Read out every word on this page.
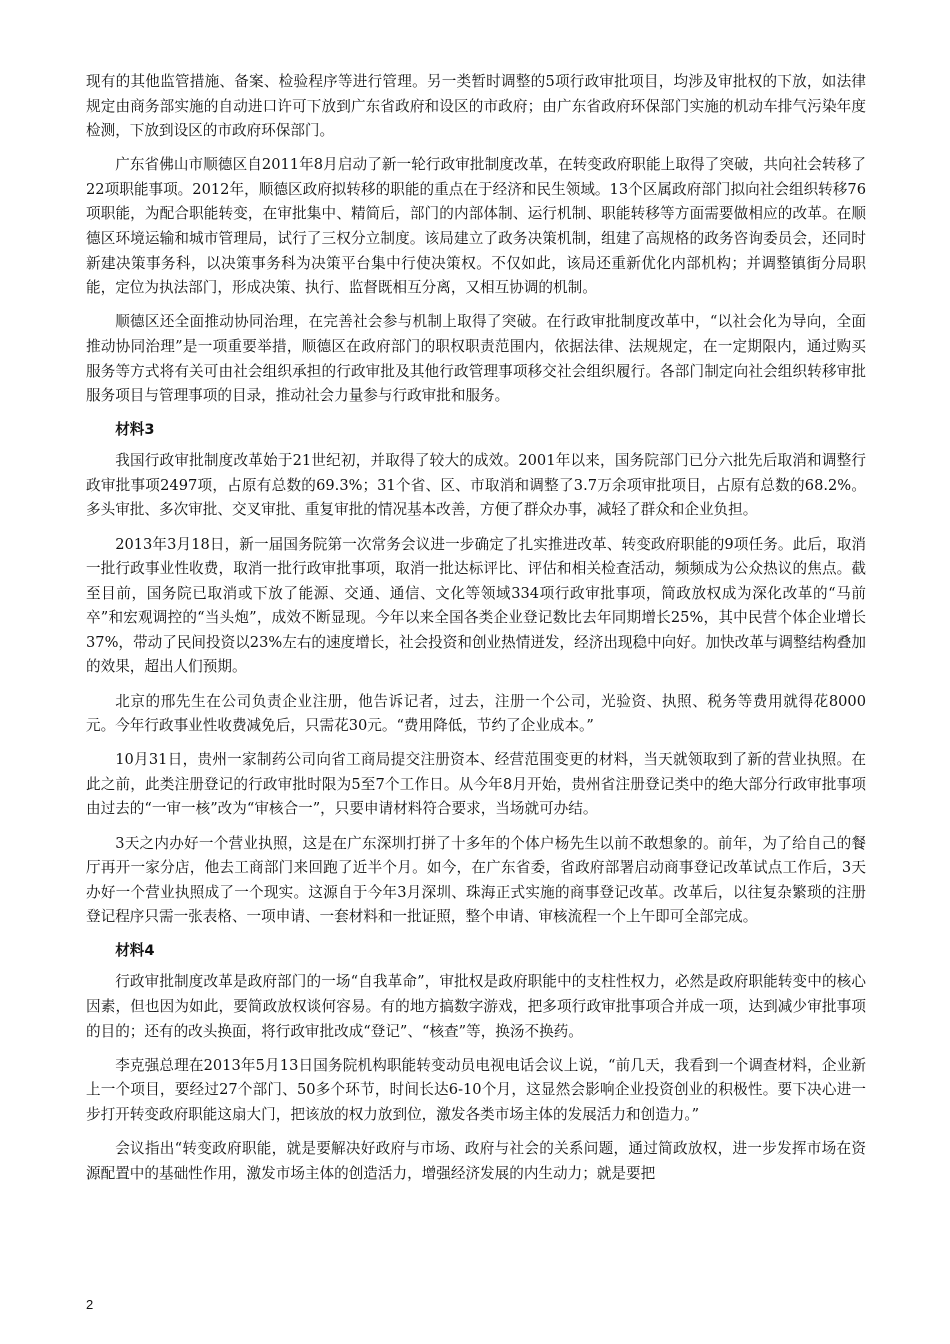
现有的其他监管措施、备案、检验程序等进行管理。另一类暂时调整的5项行政审批项目，均涉及审批权的下放，如法律规定由商务部实施的自动进口许可下放到广东省政府和设区的市政府；由广东省政府环保部门实施的机动车排气污染年度检测，下放到设区的市政府环保部门。

广东省佛山市顺德区自2011年8月启动了新一轮行政审批制度改革，在转变政府职能上取得了突破，共向社会转移了22项职能事项。2012年，顺德区政府拟转移的职能的重点在于经济和民生领域。13个区属政府部门拟向社会组织转移76项职能，为配合职能转变，在审批集中、精简后，部门的内部体制、运行机制、职能转移等方面需要做相应的改革。在顺德区环境运输和城市管理局，试行了三权分立制度。该局建立了政务决策机制，组建了高规格的政务咨询委员会，还同时新建决策事务科，以决策事务科为决策平台集中行使决策权。不仅如此，该局还重新优化内部机构；并调整镇街分局职能，定位为执法部门，形成决策、执行、监督既相互分离，又相互协调的机制。

顺德区还全面推动协同治理，在完善社会参与机制上取得了突破。在行政审批制度改革中，“以社会化为导向，全面推动协同治理”是一项重要举措，顺德区在政府部门的职权职责范围内，依据法律、法规规定，在一定期限内，通过购买服务等方式将有关可由社会组织承担的行政审批及其他行政管理事项移交社会组织履行。各部门制定向社会组织转移审批服务项目与管理事项的目录，推动社会力量参与行政审批和服务。

材料3

我国行政审批制度改革始于21世纪初，并取得了较大的成效。2001年以来，国务院部门已分六批先后取消和调整行政审批事项2497项，占原有总数的69.3%；31个省、区、市取消和调整了3.7万余项审批项目，占原有总数的68.2%。多头审批、多次审批、交叉审批、重复审批的情况基本改善，方便了群众办事，减轻了群众和企业负担。

2013年3月18日，新一届国务院第一次常务会议进一步确定了扎实推进改革、转变政府职能的9项任务。此后，取消一批行政事业性收费，取消一批行政审批事项，取消一批达标评比、评估和相关检查活动，频频成为公众热议的焦点。截至目前，国务院已取消或下放了能源、交通、通信、文化等领域334项行政审批事项，简政放权成为深化改革的“马前卒”和宏观调控的“当头炮”，成效不断显现。今年以来全国各类企业登记数比去年同期增长25%，其中民营个体企业增长37%，带动了民间投资以23%左右的速度增长，社会投资和创业热情迸发，经济出现稳中向好。加快改革与调整结构叠加的效果，超出人们预期。

北京的邢先生在公司负责企业注册，他告诉记者，过去，注册一个公司，光验资、执照、税务等费用就得花8000元。今年行政事业性收费减免后，只需花30元。“费用降低，节约了企业成本。”

10月31日，贵州一家制药公司向省工商局提交注册资本、经营范围变更的材料，当天就领取到了新的营业执照。在此之前，此类注册登记的行政审批时限为5至7个工作日。从今年8月开始，贵州省注册登记类中的绝大部分行政审批事项由过去的“一审一核”改为“审核合一”，只要申请材料符合要求，当场就可办结。

3天之内办好一个营业执照，这是在广东深圳打拼了十多年的个体户杨先生以前不敢想象的。前年，为了给自己的餐厅再开一家分店，他去工商部门来回跑了近半个月。如今，在广东省委，省政府部署启动商事登记改革试点工作后，3天办好一个营业执照成了一个现实。这源自于今年3月深圳、珠海正式实施的商事登记改革。改革后，以往复杂繁琐的注册登记程序只需一张表格、一项申请、一套材料和一批证照，整个申请、审核流程一个上午即可全部完成。

材料4

行政审批制度改革是政府部门的一场“自我革命”，审批权是政府职能中的支柱性权力，必然是政府职能转变中的核心因素，但也因为如此，要简政放权谈何容易。有的地方搞数字游戏，把多项行政审批事项合并成一项，达到减少审批事项的目的；还有的改头换面，将行政审批改成“登记”、“核查”等，换汤不换药。

李克强总理在2013年5月13日国务院机构职能转变动员电视电话会议上说，“前几天，我看到一个调查材料，企业新上一个项目，要经过27个部门、50多个环节，时间长达6-10个月，这显然会影响企业投资创业的积极性。要下决心进一步打开转变政府职能这扇大门，把该放的权力放到位，激发各类市场主体的发展活力和创造力。”

会议指出“转变政府职能，就是要解决好政府与市场、政府与社会的关系问题，通过简政放权，进一步发挥市场在资源配置中的基础性作用，激发市场主体的创造活力，增强经济发展的内生动力；就是要把

2
